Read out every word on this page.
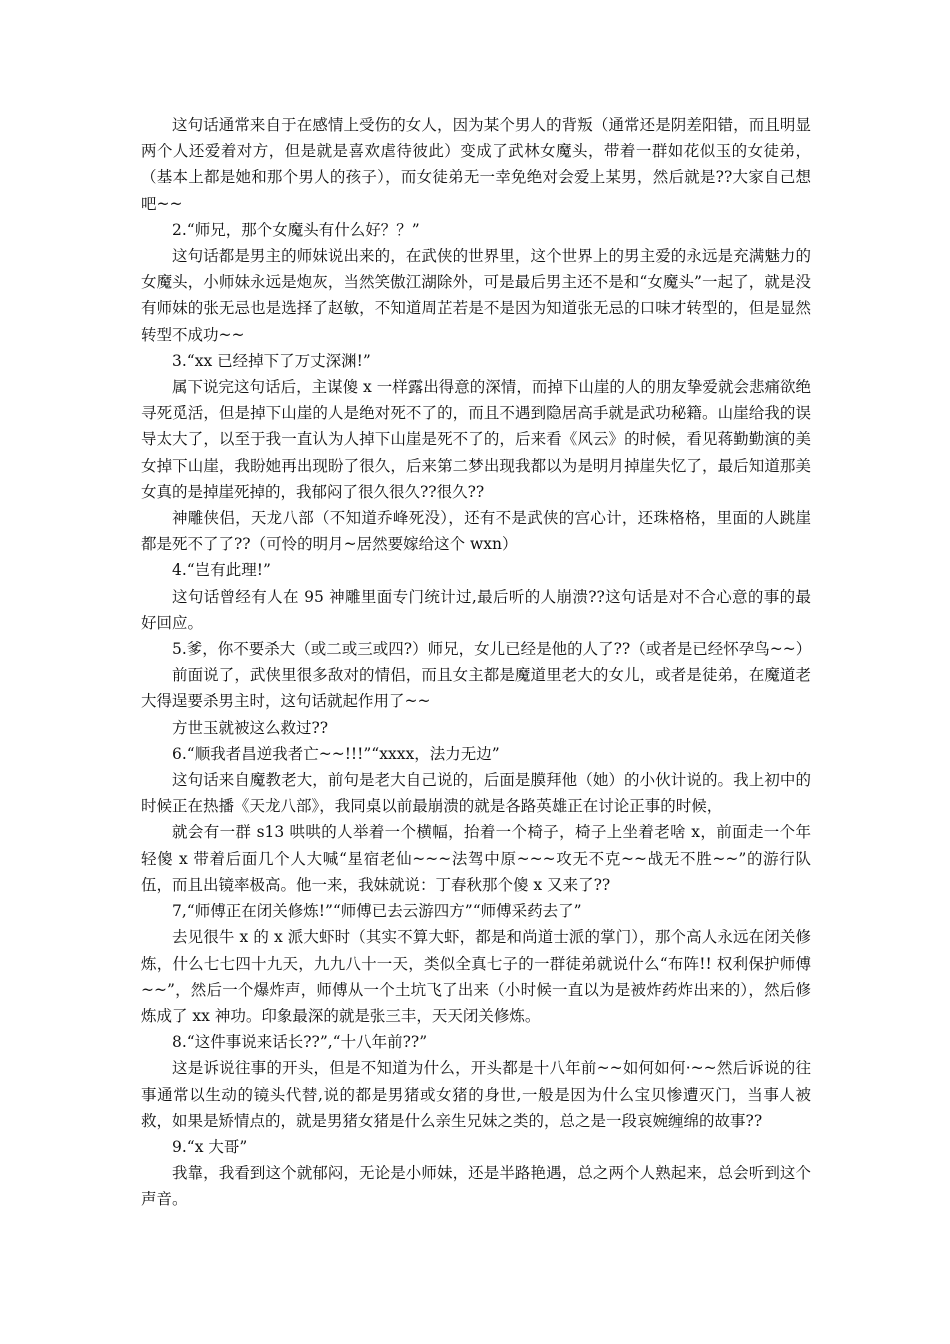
这句话通常来自于在感情上受伤的女人，因为某个男人的背叛（通常还是阴差阳错，而且明显两个人还爱着对方，但是就是喜欢虐待彼此）变成了武林女魔头，带着一群如花似玉的女徒弟，（基本上都是她和那个男人的孩子），而女徒弟无一幸免绝对会爱上某男，然后就是??大家自己想吧~~

2.“师兄，那个女魔头有什么好？？”

这句话都是男主的师妹说出来的，在武侠的世界里，这个世界上的男主爱的永远是充满魅力的女魔头，小师妹永远是炮灰，当然笑傲江湖除外，可是最后男主还不是和“女魔头”一起了，就是没有师妹的张无忌也是选择了赵敏，不知道周芷若是不是因为知道张无忌的口味才转型的，但是显然转型不成功~~

3.“xx 已经掉下了万丈深渊!”

属下说完这句话后，主谋傻 x 一样露出得意的深情，而掉下山崖的人的朋友挚爱就会悲痛欲绝寻死觅活，但是掉下山崖的人是绝对死不了的，而且不遇到隐居高手就是武功秘籍。山崖给我的误导太大了，以至于我一直认为人掉下山崖是死不了的，后来看《风云》的时候，看见蒋勤勤演的美女掉下山崖，我盼她再出现盼了很久，后来第二梦出现我都以为是明月掉崖失忆了，最后知道那美女真的是掉崖死掉的，我郁闷了很久很久??很久??

神雕侠侣，天龙八部（不知道乔峰死没），还有不是武侠的宫心计，还珠格格，里面的人跳崖都是死不了了??（可怜的明月~居然要嫁给这个 wxn）

4.“岂有此理!”

这句话曾经有人在 95 神雕里面专门统计过,最后听的人崩溃??这句话是对不合心意的事的最好回应。

5.爹，你不要杀大（或二或三或四?）师兄，女儿已经是他的人了??（或者是已经怀孕鸟~~）

前面说了，武侠里很多敌对的情侣，而且女主都是魔道里老大的女儿，或者是徒弟，在魔道老大得逞要杀男主时，这句话就起作用了~~

方世玉就被这么救过??

6.“顺我者昌逆我者亡~~!!!”“xxxx，法力无边”

这句话来自魔教老大，前句是老大自己说的，后面是膜拜他（她）的小伙计说的。我上初中的时候正在热播《天龙八部》，我同桌以前最崩溃的就是各路英雄正在讨论正事的时候，

就会有一群 s13 哄哄的人举着一个横幅，抬着一个椅子，椅子上坐着老啥 x，前面走一个年轻傻 x 带着后面几个人大喊“星宿老仙~~~法驾中原~~~攻无不克~~战无不胜~~”的游行队伍，而且出镜率极高。他一来，我妹就说：丁春秋那个傻 x 又来了??

7,“师傅正在闭关修炼!”“师傅已去云游四方”“师傅采药去了”

去见很牛 x 的 x 派大虾时（其实不算大虾，都是和尚道士派的掌门），那个高人永远在闭关修炼，什么七七四十九天，九九八十一天，类似全真七子的一群徒弟就说什么“布阵!! 权利保护师傅~~”，然后一个爆炸声，师傅从一个土坑飞了出来（小时候一直以为是被炸药炸出来的），然后修炼成了 xx 神功。印象最深的就是张三丰，天天闭关修炼。

8.“这件事说来话长??”,“十八年前??”

这是诉说往事的开头，但是不知道为什么，开头都是十八年前~~如何如何·~~然后诉说的往事通常以生动的镜头代替,说的都是男猪或女猪的身世,一般是因为什么宝贝惨遭灭门，当事人被救，如果是矫情点的，就是男猪女猪是什么亲生兄妹之类的，总之是一段哀婉缠绵的故事??

9.“x 大哥”

我靠，我看到这个就郁闷，无论是小师妹，还是半路艳遇，总之两个人熟起来，总会听到这个声音。
